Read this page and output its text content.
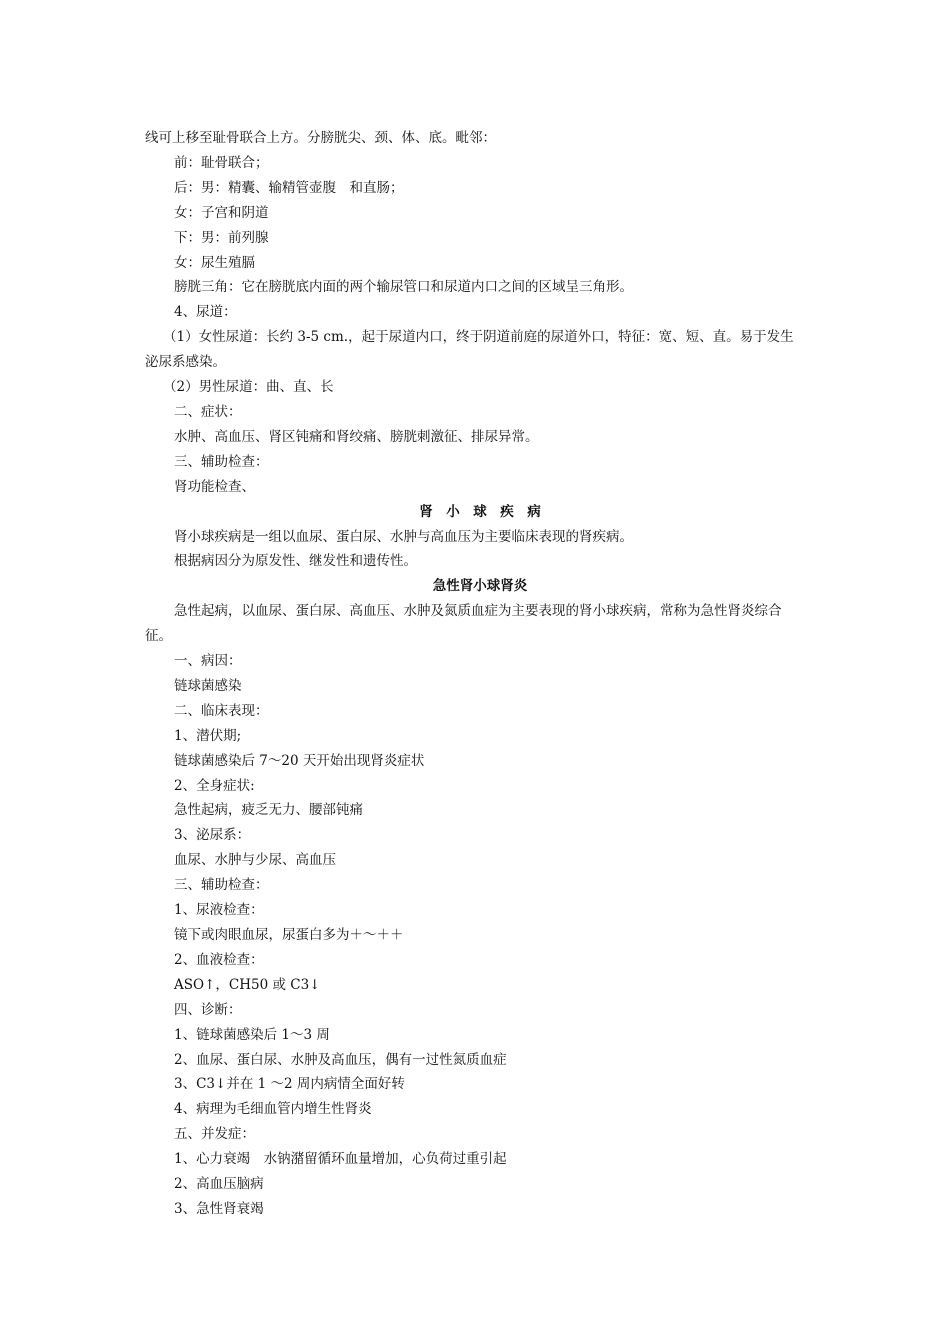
线可上移至耻骨联合上方。分膀胱尖、颈、体、底。毗邻：

前：耻骨联合；

后：男：精囊、输精管壶腹　和直肠；

女：子宫和阴道

下：男：前列腺

女：尿生殖膈

膀胱三角：它在膀胱底内面的两个输尿管口和尿道内口之间的区域呈三角形。

4、尿道：

（1）女性尿道：长约 3-5 cm.，起于尿道内口，终于阴道前庭的尿道外口，特征：宽、短、直。易于发生泌尿系感染。

（2）男性尿道：曲、直、长

二、症状：

水肿、高血压、肾区钝痛和肾绞痛、膀胱刺激征、排尿异常。

三、辅助检查：

肾功能检查、

肾　小　球　疾　病

肾小球疾病是一组以血尿、蛋白尿、水肿与高血压为主要临床表现的肾疾病。

根据病因分为原发性、继发性和遗传性。

急性肾小球肾炎

急性起病，以血尿、蛋白尿、高血压、水肿及氮质血症为主要表现的肾小球疾病，常称为急性肾炎综合征。

一、病因：

链球菌感染

二、临床表现：

1、潜伏期;

链球菌感染后 7～20 天开始出现肾炎症状

2、全身症状:

急性起病，疲乏无力、腰部钝痛

3、泌尿系：

血尿、水肿与少尿、高血压

三、辅助检查：

1、尿液检查：

镜下或肉眼血尿，尿蛋白多为＋～＋＋

2、血液检查：

ASO↑，CH50 或 C3↓

四、诊断：

1、链球菌感染后 1～3 周

2、血尿、蛋白尿、水肿及高血压，偶有一过性氮质血症

3、C3↓并在 1 ～2 周内病情全面好转

4、病理为毛细血管内增生性肾炎

五、并发症：

1、心力衰竭　水钠潴留循环血量增加，心负荷过重引起

2、高血压脑病

3、急性肾衰竭
